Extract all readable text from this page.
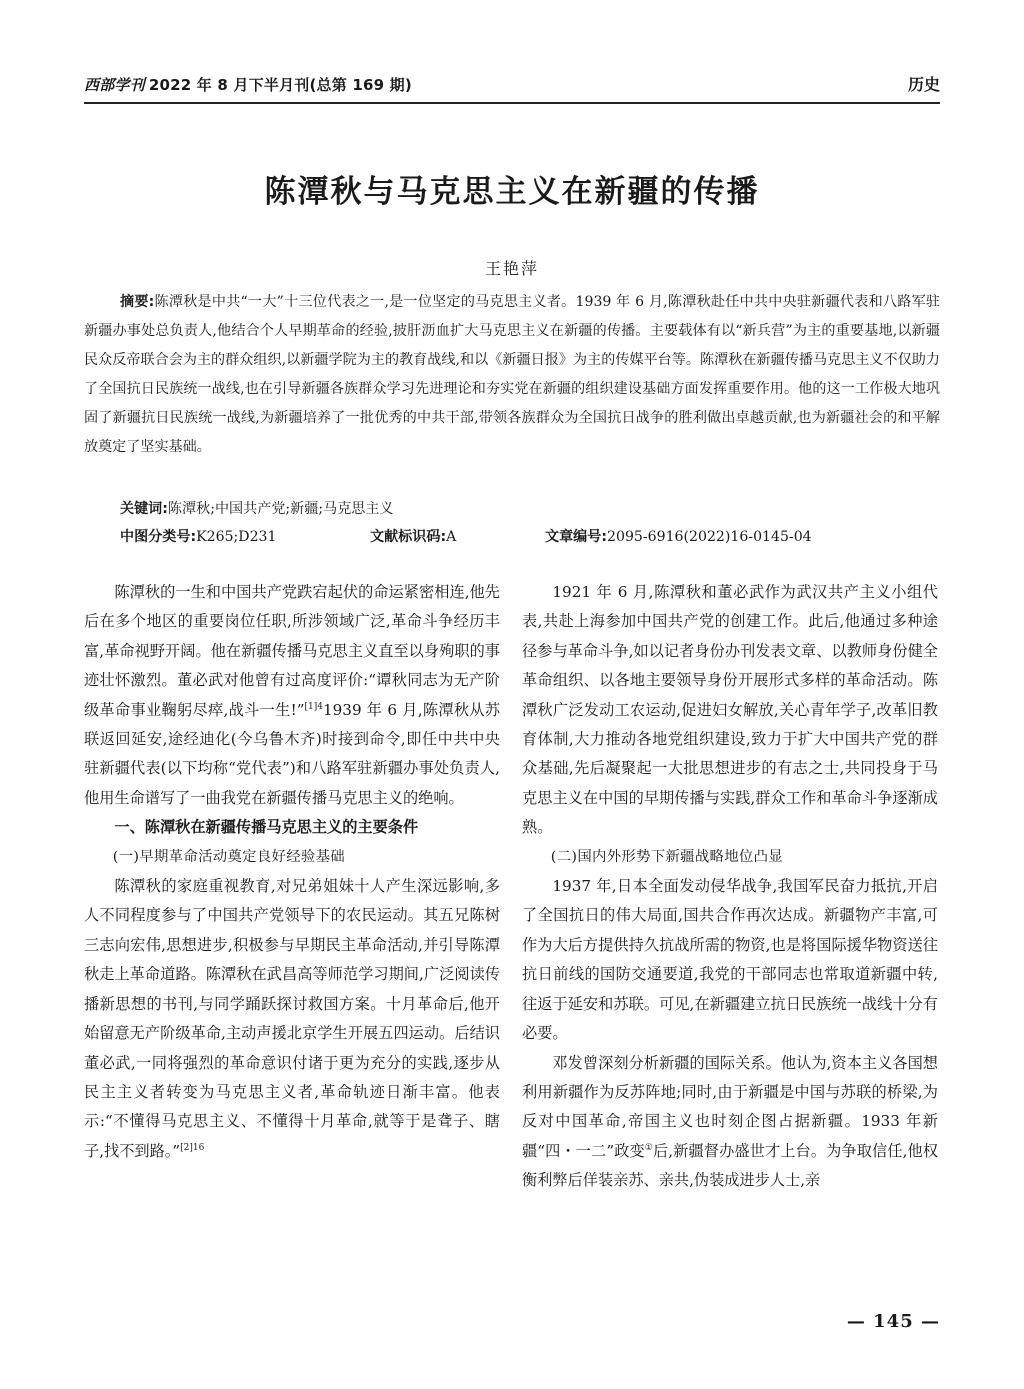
西部学刊 2022 年 8 月下半月刊(总第 169 期)	历史
陈潭秋与马克思主义在新疆的传播
王艳萍
摘要:陈潭秋是中共“一大”十三位代表之一,是一位坚定的马克思主义者。1939 年 6 月,陈潭秋赴任中共中央驻新疆代表和八路军驻新疆办事处总负责人,他结合个人早期革命的经验,披肝沥血扩大马克思主义在新疆的传播。主要载体有以“新兵营”为主的重要基地,以新疆民众反帝联合会为主的群众组织,以新疆学院为主的教育战线,和以《新疆日报》为主的传媒平台等。陈潭秋在新疆传播马克思主义不仅助力了全国抗日民族统一战线,也在引导新疆各族群众学习先进理论和夯实党在新疆的组织建设基础方面发挥重要作用。他的这一工作极大地巩固了新疆抗日民族统一战线,为新疆培养了一批优秀的中共干部,带领各族群众为全国抗日战争的胜利做出卓越贡献,也为新疆社会的和平解放奠定了坚实基础。
关键词:陈潭秋;中国共产党;新疆;马克思主义
中图分类号:K265;D231	文献标识码:A	文章编号:2095-6916(2022)16-0145-04

陈潭秋的一生和中国共产党跌宕起伏的命运紧密相连,他先后在多个地区的重要岗位任职,所涉领域广泛,革命斗争经历丰富,革命视野开阔。他在新疆传播马克思主义直至以身殉职的事迹壮怀激烈。董必武对他曾有过高度评价:“谭秋同志为无产阶级革命事业鞠躬尽瘁,战斗一生!”$^{[1]4}$1939 年 6 月,陈潭秋从苏联返回延安,途经迪化(今乌鲁木齐)时接到命令,即任中共中央驻新疆代表(以下均称“党代表”)和八路军驻新疆办事处负责人,他用生命谱写了一曲我党在新疆传播马克思主义的绝响。

一、陈潭秋在新疆传播马克思主义的主要条件
(一)早期革命活动奠定良好经验基础

陈潭秋的家庭重视教育,对兄弟姐妹十人产生深远影响,多人不同程度参与了中国共产党领导下的农民运动。其五兄陈树三志向宏伟,思想进步,积极参与早期民主革命活动,并引导陈潭秋走上革命道路。陈潭秋在武昌高等师范学习期间,广泛阅读传播新思想的书刊,与同学踊跃探讨救国方案。十月革命后,他开始留意无产阶级革命,主动声援北京学生开展五四运动。后结识董必武,一同将强烈的革命意识付诸于更为充分的实践,逐步从民主主义者转变为马克思主义者,革命轨迹日渐丰富。他表示:“不懂得马克思主义、不懂得十月革命,就等于是聋子、瞎子,找不到路。”$^{[2]16}$

1921 年 6 月,陈潭秋和董必武作为武汉共产主义小组代表,共赴上海参加中国共产党的创建工作。此后,他通过多种途径参与革命斗争,如以记者身份办刊发表文章、以教师身份健全革命组织、以各地主要领导身份开展形式多样的革命活动。陈潭秋广泛发动工农运动,促进妇女解放,关心青年学子,改革旧教育体制,大力推动各地党组织建设,致力于扩大中国共产党的群众基础,先后凝聚起一大批思想进步的有志之士,共同投身于马克思主义在中国的早期传播与实践,群众工作和革命斗争逐渐成熟。

(二)国内外形势下新疆战略地位凸显

1937 年,日本全面发动侵华战争,我国军民奋力抵抗,开启了全国抗日的伟大局面,国共合作再次达成。新疆物产丰富,可作为大后方提供持久抗战所需的物资,也是将国际援华物资送往抗日前线的国防交通要道,我党的干部同志也常取道新疆中转,往返于延安和苏联。可见,在新疆建立抗日民族统一战线十分有必要。

邓发曾深刻分析新疆的国际关系。他认为,资本主义各国想利用新疆作为反苏阵地;同时,由于新疆是中国与苏联的桥梁,为反对中国革命,帝国主义也时刻企图占据新疆。1933 年新疆“四・一二”政变①后,新疆督办盛世才上台。为争取信任,他权衡利弊后佯装亲苏、亲共,伪装成进步人士,亲

— 145 —
